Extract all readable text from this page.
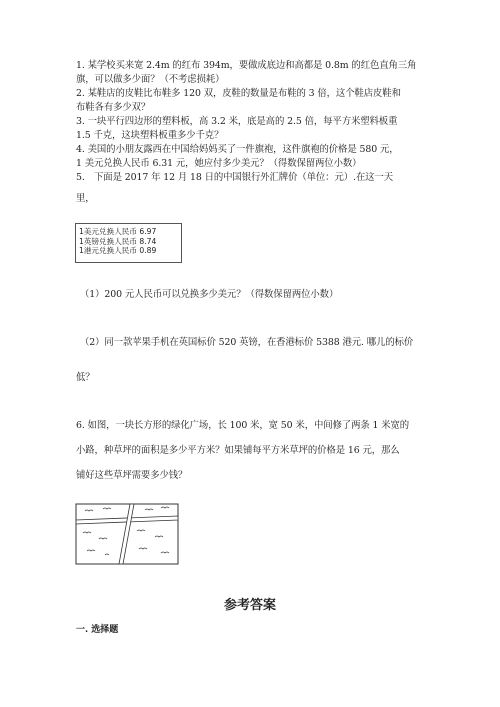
1. 某学校买来宽 2.4m 的红布 394m，要做成底边和高都是 0.8m 的红色直角三角
旗，可以做多少面？（不考虑损耗）
2. 某鞋店的皮鞋比布鞋多 120 双，皮鞋的数量是布鞋的 3 倍，这个鞋店皮鞋和
布鞋各有多少双？
3. 一块平行四边形的塑料板，高 3.2 米，底是高的 2.5 倍，每平方米塑料板重
1.5 千克，这块塑料板重多少千克？
4. 美国的小朋友露西在中国给妈妈买了一件旗袍，这件旗袍的价格是 580 元，
1 美元兑换人民币 6.31 元，她应付多少美元？（得数保留两位小数）
5.　下面是 2017 年 12 月 18 日的中国银行外汇牌价（单位：元）.在这一天
里，
1美元兑换人民币 6.97
1英镑兑换人民币 8.74
1港元兑换人民币 0.89
（1）200 元人民币可以兑换多少美元？（得数保留两位小数）
（2）同一款苹果手机在英国标价 520 英镑，在香港标价 5388 港元. 哪儿的标价
低？
6. 如图，一块长方形的绿化广场，长 100 米，宽 50 米，中间修了两条 1 米宽的
小路，种草坪的面积是多少平方米？如果铺每平方米草坪的价格是 16 元，那么
铺好这些草坪需要多少钱？
参考答案
一. 选择题
